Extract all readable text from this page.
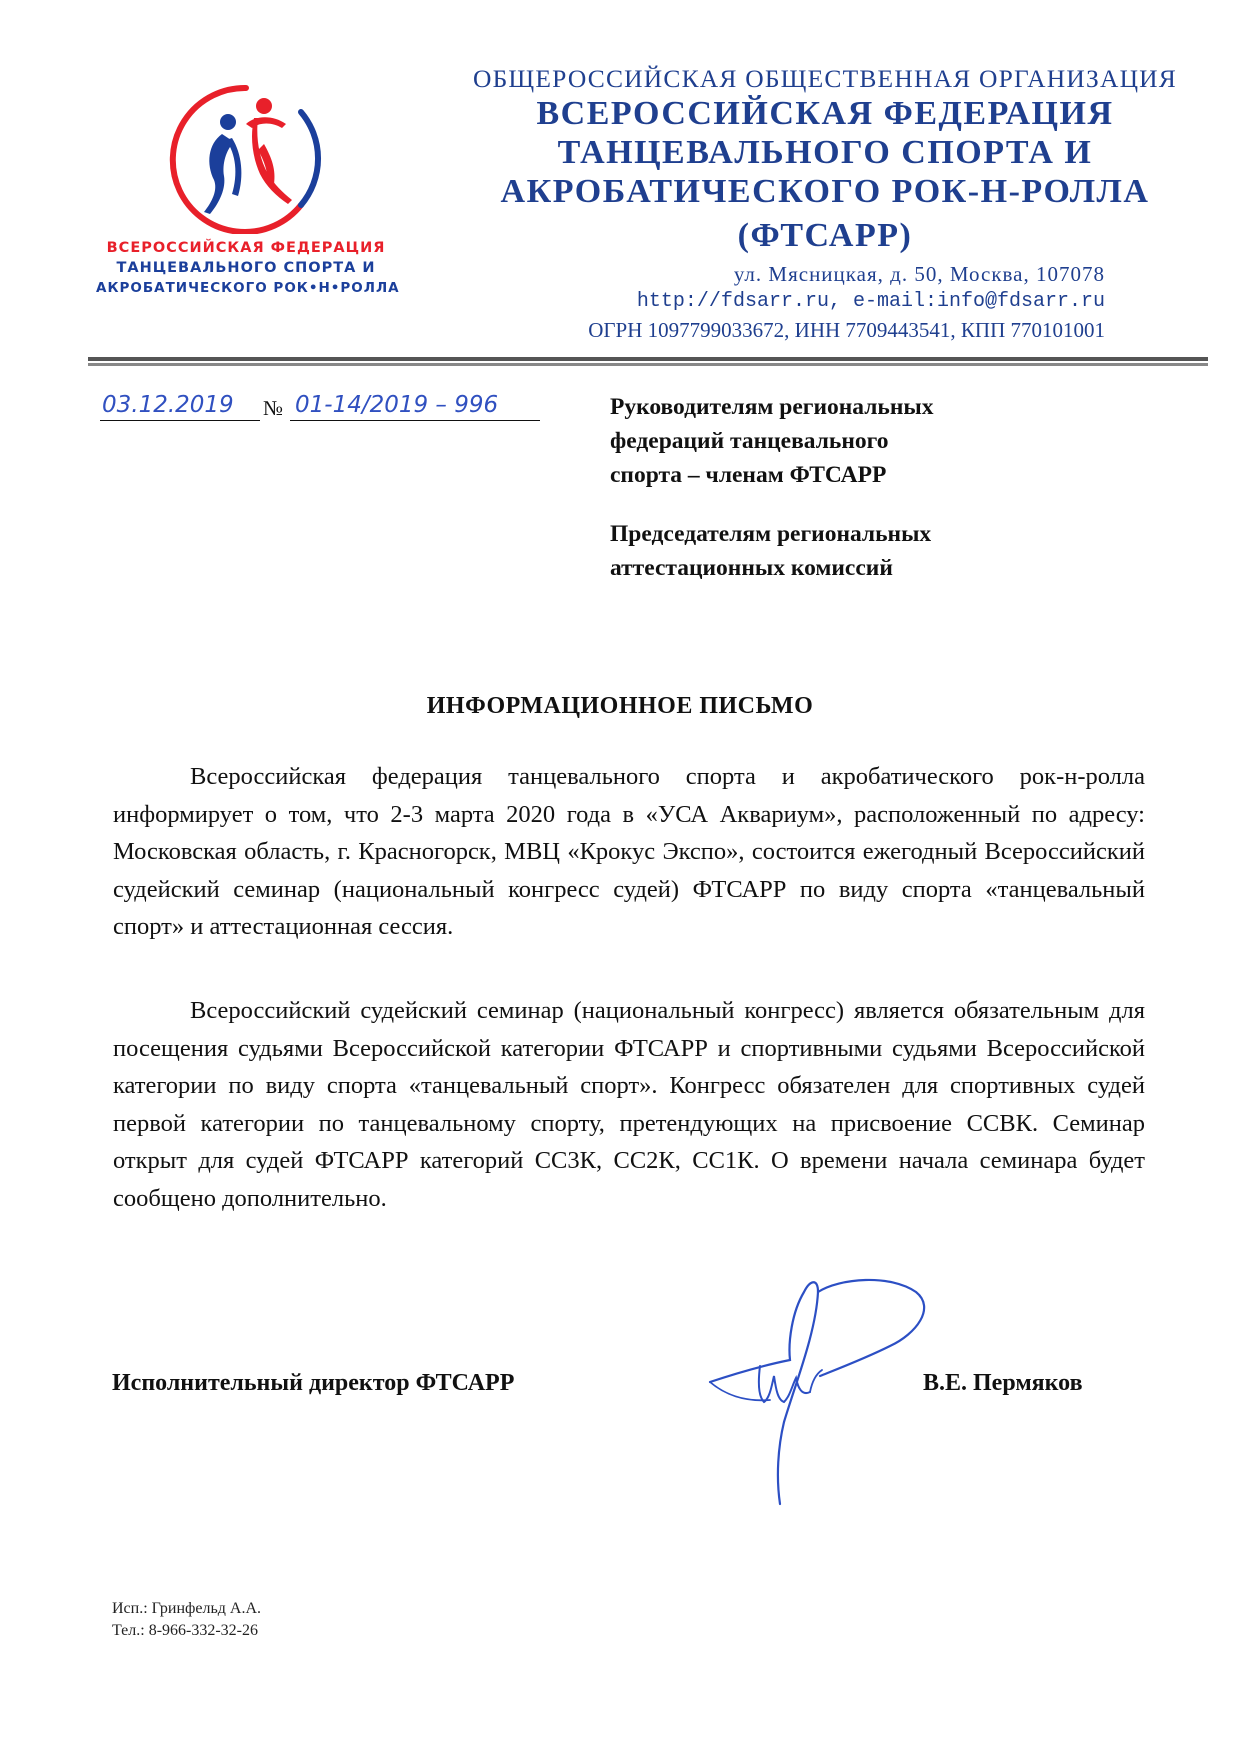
ВСЕРОССИЙСКАЯ ФЕДЕРАЦИЯ
ТАНЦЕВАЛЬНОГО СПОРТА И
АКРОБАТИЧЕСКОГО РОК•Н•РОЛЛА
ОБЩЕРОССИЙСКАЯ ОБЩЕСТВЕННАЯ ОРГАНИЗАЦИЯ
ВСЕРОССИЙСКАЯ ФЕДЕРАЦИЯ
ТАНЦЕВАЛЬНОГО СПОРТА И
АКРОБАТИЧЕСКОГО РОК-Н-РОЛЛА
(ФТСАРР)
ул. Мясницкая, д. 50, Москва, 107078
http://fdsarr.ru, e-mail:info@fdsarr.ru
ОГРН 1097799033672, ИНН 7709443541, КПП 770101001
03.12.2019 № 01-14/2019 – 996	Руководителям региональных
федераций танцевального
спорта – членам ФТСАРР
Председателям региональных
аттестационных комиссий
ИНФОРМАЦИОННОЕ ПИСЬМО
Всероссийская федерация танцевального спорта и акробатического рок-н-ролла информирует о том, что 2-3 марта 2020 года в «УСА Аквариум», расположенный по адресу: Московская область, г. Красногорск, МВЦ «Крокус Экспо», состоится ежегодный Всероссийский судейский семинар (национальный конгресс судей) ФТСАРР по виду спорта «танцевальный спорт» и аттестационная сессия.
Всероссийский судейский семинар (национальный конгресс) является обязательным для посещения судьями Всероссийской категории ФТСАРР и спортивными судьями Всероссийской категории по виду спорта «танцевальный спорт». Конгресс обязателен для спортивных судей первой категории по танцевальному спорту, претендующих на присвоение ССВК. Семинар открыт для судей ФТСАРР категорий СС3К, СС2К, СС1К. О времени начала семинара будет сообщено дополнительно.
Исполнительный директор ФТСАРР	В.Е. Пермяков
Исп.: Гринфельд А.А.
Тел.: 8-966-332-32-26
